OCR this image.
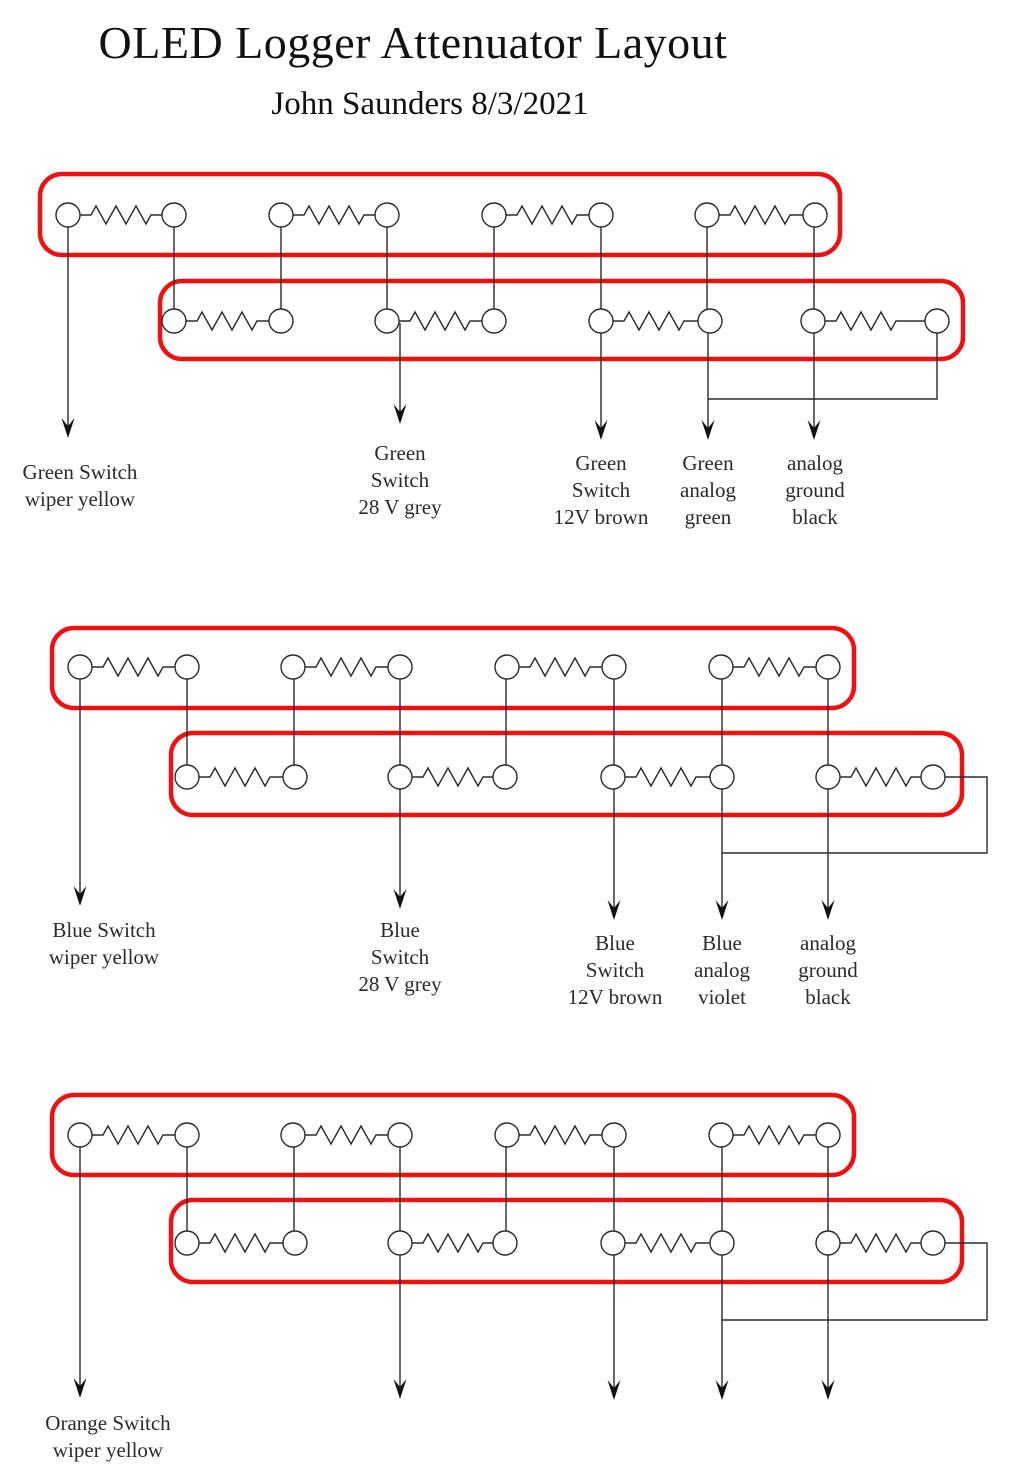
OLED Logger Attenuator Layout
John Saunders 8/3/2021
Green Switch
wiper yellow
Green
Switch
28 V grey
Green
Switch
12V brown
Green
analog
green
analog
ground
black
Blue Switch
wiper yellow
Blue
Switch
28 V grey
Blue
Switch
12V brown
Blue
analog
violet
analog
ground
black
Orange Switch
wiper yellow
